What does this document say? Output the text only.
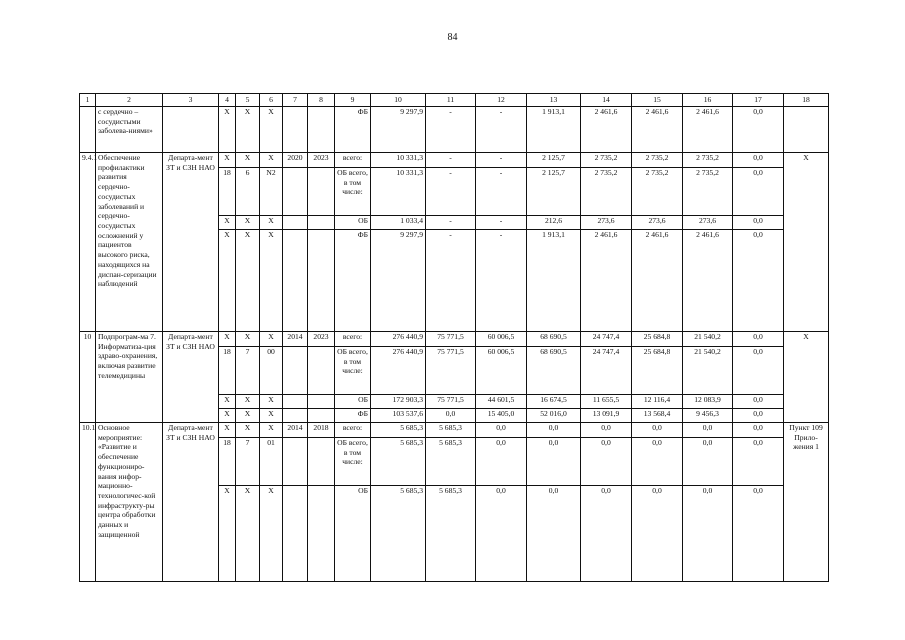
84
1	2	3	4	5	6	7	8	9	10	11	12	13	14	15	16	17	18
	с сердечно – сосудистыми заболева-ниями»		X	X	X			ФБ	9 297,9	-	-	1 913,1	2 461,6	2 461,6	2 461,6	0,0	
9.4.1	Обеспечение профилактики развития сердечно-сосудистых заболеваний и сердечно-сосудистых осложнений у пациентов высокого риска, находящихся на диспан-серизации наблюдений	Департа-мент ЗТ и СЗН НАО	X	X	X	2020	2023	всего:	10 331,3	-	-	2 125,7	2 735,2	2 735,2	2 735,2	0,0	X
			18	6	N2			ОБ всего, в том числе:	10 331,3	-	-	2 125,7	2 735,2	2 735,2	2 735,2	0,0	
			X	X	X			ОБ	1 033,4	-	-	212,6	273,6	273,6	273,6	0,0	
			X	X	X			ФБ	9 297,9	-	-	1 913,1	2 461,6	2 461,6	2 461,6	0,0	
10	Подпрограм-ма 7. Информатиза-ция здраво-охранения, включая развитие телемедицины	Департа-мент ЗТ и СЗН НАО	X	X	X	2014	2023	всего:	276 440,9	75 771,5	60 006,5	68 690,5	24 747,4	25 684,8	21 540,2	0,0	X
			18	7	00			ОБ всего, в том числе:	276 440,9	75 771,5	60 006,5	68 690,5	24 747,4	25 684,8	21 540,2	0,0	
			X	X	X			ОБ	172 903,3	75 771,5	44 601,5	16 674,5	11 655,5	12 116,4	12 083,9	0,0	
			X	X	X			ФБ	103 537,6	0,0	15 405,0	52 016,0	13 091,9	13 568,4	9 456,3	0,0	
10.1	Основное мероприятие: «Развитие и обеспечение функциониро-вания инфор-мационно-технологичес-кой инфраструкту-ры центра обработки данных и защищенной	Департа-мент ЗТ и СЗН НАО	X	X	X	2014	2018	всего:	5 685,3	5 685,3	0,0	0,0	0,0	0,0	0,0	0,0	Пункт 109 Прило-жения 1
			18	7	01			ОБ всего, в том числе:	5 685,3	5 685,3	0,0	0,0	0,0	0,0	0,0	0,0	
			X	X	X			ОБ	5 685,3	5 685,3	0,0	0,0	0,0	0,0	0,0	0,0	
